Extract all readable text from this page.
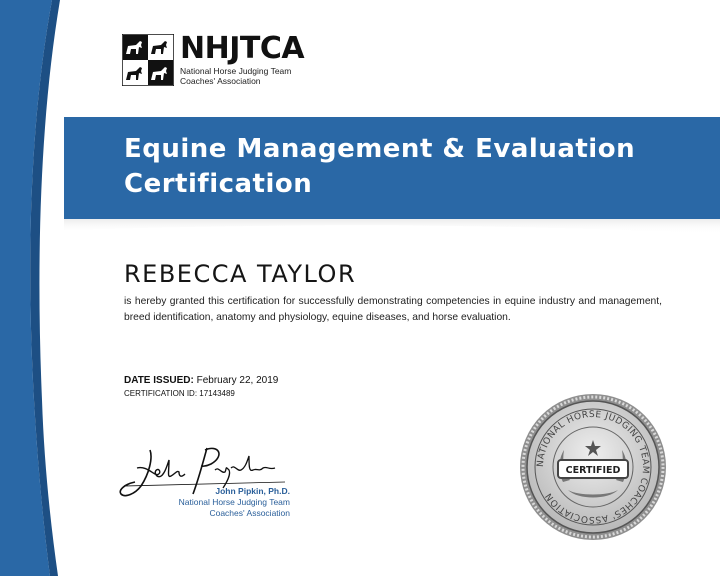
NHJTCA
National Horse Judging Team
Coaches' Association
Equine Management & Evaluation
Certification
REBECCA TAYLOR
is hereby granted this certification for successfully demonstrating competencies in equine industry and management, breed identification, anatomy and physiology, equine diseases, and horse evaluation.
DATE ISSUED: February 22, 2019
CERTIFICATION ID: 17143489
John Pipkin, Ph.D.
National Horse Judging Team
Coaches' Association
NATIONAL HORSE JUDGING TEAM COACHES' ASSOCIATION
CERTIFIED
